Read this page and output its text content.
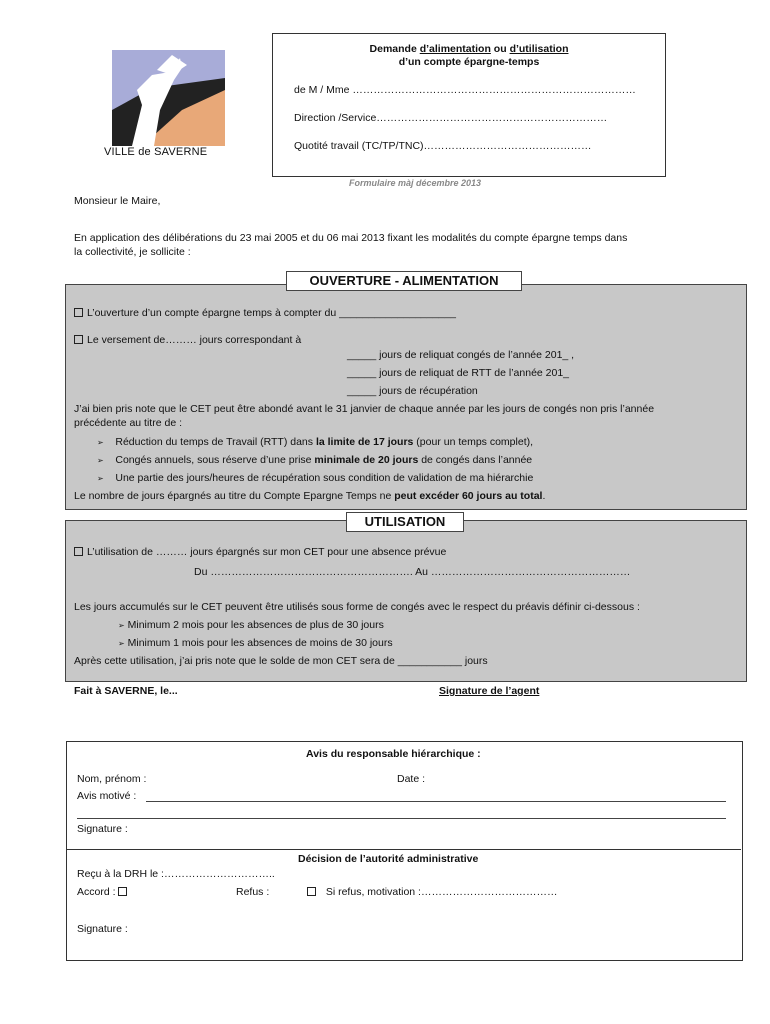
VILLE de SAVERNE
Demande d’alimentation ou d’utilisation
d’un compte épargne-temps
de M / Mme ………………………………………………………………………
Direction /Service…………………………………………………………
Quotité travail (TC/TP/TNC)…………………………………………
Formulaire màj décembre 2013
Monsieur le Maire,
En application des délibérations du 23 mai 2005 et du 06 mai 2013 fixant les modalités du compte épargne temps dans
la collectivité, je sollicite :
OUVERTURE - ALIMENTATION
L’ouverture d’un compte épargne temps à compter du ____________________
Le versement de……… jours correspondant à
_____ jours de reliquat congés de l’année 201_ ,
_____ jours de reliquat de RTT de l’année 201_
_____ jours de récupération
J’ai bien pris note que le CET peut être abondé avant le 31 janvier de chaque année par les jours de congés non pris l’année
précédente au titre de :
➢ Réduction du temps de Travail (RTT) dans la limite de 17 jours (pour un temps complet),
➢ Congés annuels, sous réserve d’une prise minimale de 20 jours de congés dans l’année
➢ Une partie des jours/heures de récupération sous condition de validation de ma hiérarchie
Le nombre de jours épargnés au titre du Compte Epargne Temps ne peut excéder 60 jours au total.
UTILISATION
L’utilisation de ……… jours épargnés sur mon CET pour une absence prévue
Du …………………………………………………. Au …………………………………………………
Les jours accumulés sur le CET peuvent être utilisés sous forme de congés avec le respect du préavis définir ci-dessous :
➢ Minimum 2 mois pour les absences de plus de 30 jours
➢ Minimum 1 mois pour les absences de moins de 30 jours
Après cette utilisation, j’ai pris note que le solde de mon CET sera de ___________ jours
Fait à SAVERNE, le...	Signature de l’agent
Avis du responsable hiérarchique :
Nom, prénom :	Date :
Avis motivé :
Signature :
Décision de l’autorité administrative
Reçu à la DRH le :…………………………..
Accord :	Refus :	Si refus, motivation :…………………………………
Signature :
